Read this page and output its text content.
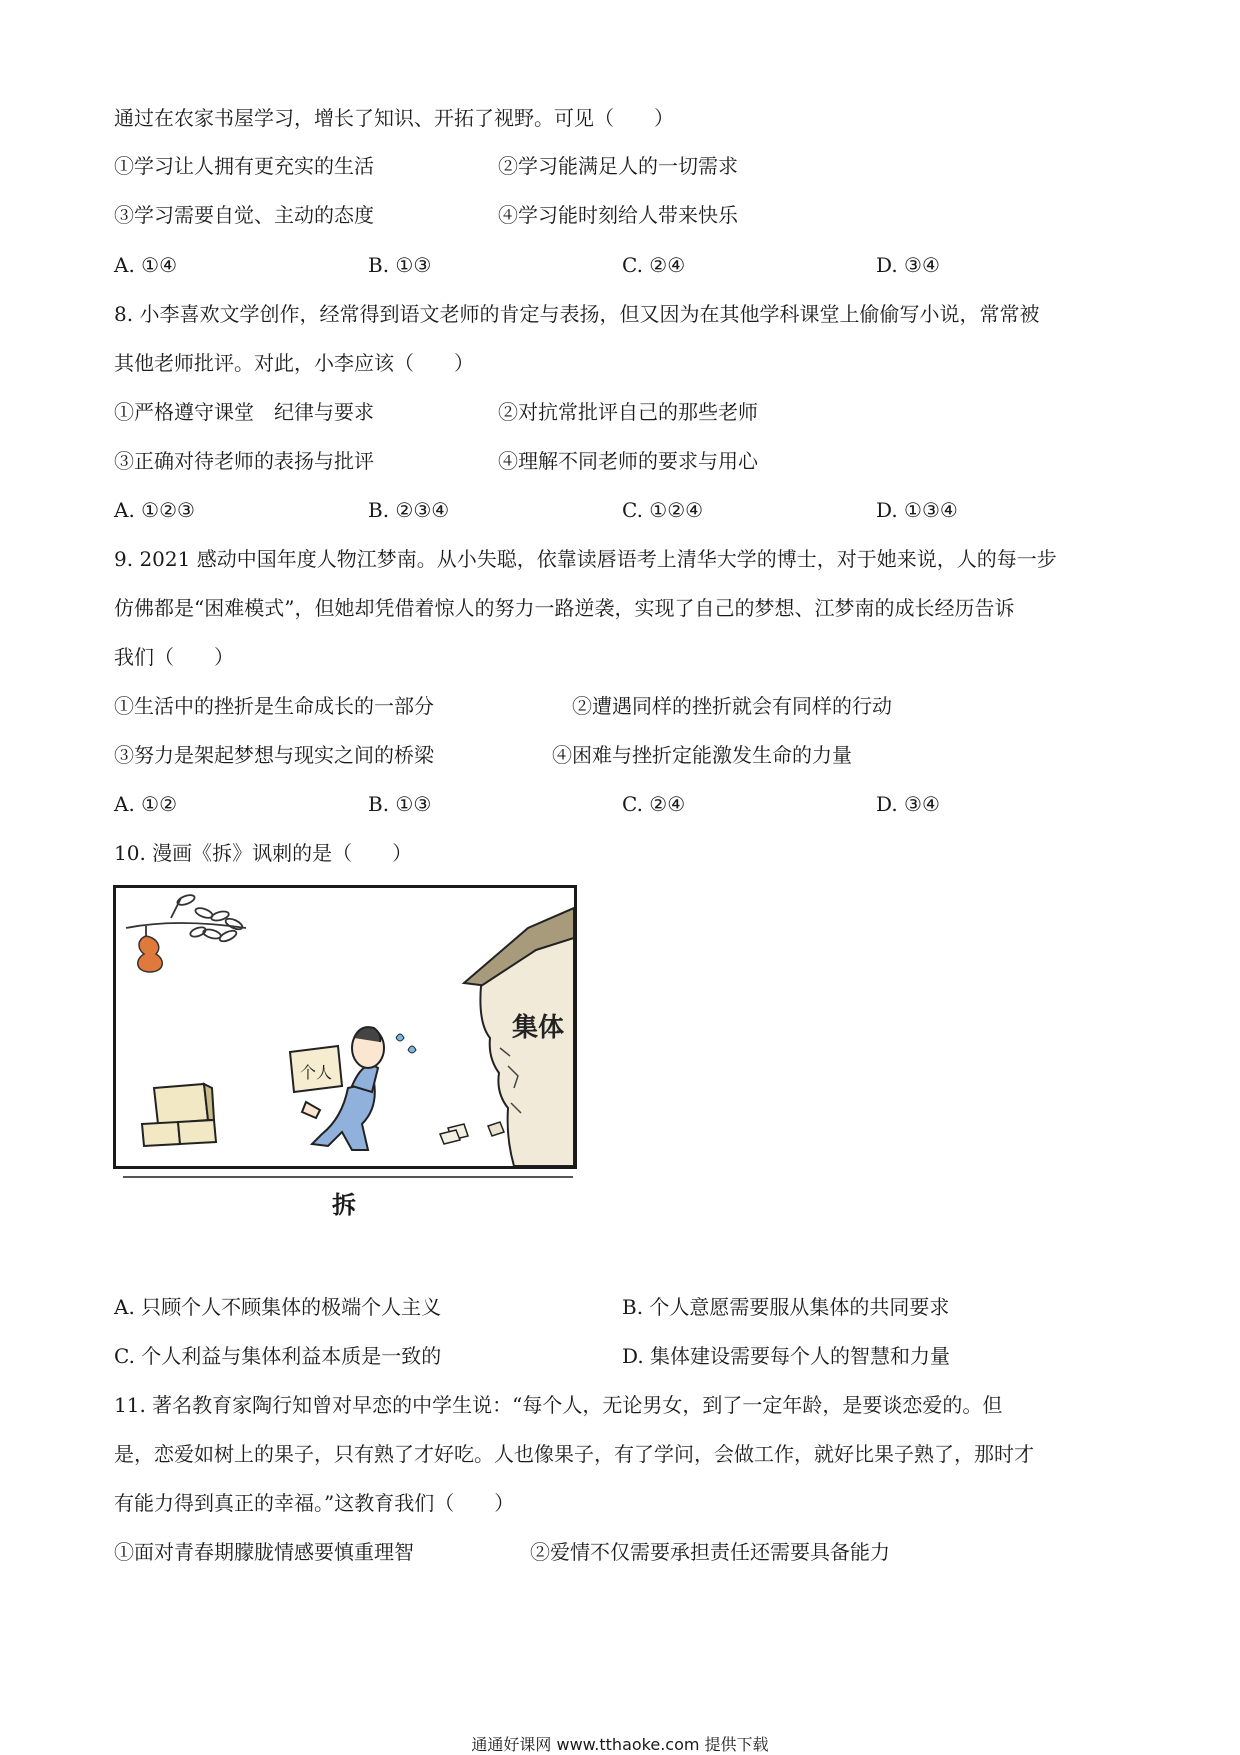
通过在农家书屋学习，增长了知识、开拓了视野。可见（　　）
①学习让人拥有更充实的生活	②学习能满足人的一切需求
③学习需要自觉、主动的态度	④学习能时刻给人带来快乐
A. ①④	B. ①③	C. ②④	D. ③④
8. 小李喜欢文学创作，经常得到语文老师的肯定与表扬，但又因为在其他学科课堂上偷偷写小说，常常被
其他老师批评。对此，小李应该（　　）
①严格遵守课堂　纪律与要求	②对抗常批评自己的那些老师
③正确对待老师的表扬与批评	④理解不同老师的要求与用心
A. ①②③	B. ②③④	C. ①②④	D. ①③④
9. 2021 感动中国年度人物江梦南。从小失聪，依靠读唇语考上清华大学的博士，对于她来说，人的每一步
仿佛都是“困难模式”，但她却凭借着惊人的努力一路逆袭，实现了自己的梦想、江梦南的成长经历告诉
我们（　　）
①生活中的挫折是生命成长的一部分	②遭遇同样的挫折就会有同样的行动
③努力是架起梦想与现实之间的桥梁	④困难与挫折定能激发生命的力量
A. ①②	B. ①③	C. ②④	D. ③④
10. 漫画《拆》讽刺的是（　　）
集体
个人
拆
A. 只顾个人不顾集体的极端个人主义	B. 个人意愿需要服从集体的共同要求
C. 个人利益与集体利益本质是一致的	D. 集体建设需要每个人的智慧和力量
11. 著名教育家陶行知曾对早恋的中学生说：“每个人，无论男女，到了一定年龄，是要谈恋爱的。但
是，恋爱如树上的果子，只有熟了才好吃。人也像果子，有了学问，会做工作，就好比果子熟了，那时才
有能力得到真正的幸福。”这教育我们（　　）
①面对青春期朦胧情感要慎重理智	②爱情不仅需要承担责任还需要具备能力
通通好课网 www.tthaoke.com 提供下载
